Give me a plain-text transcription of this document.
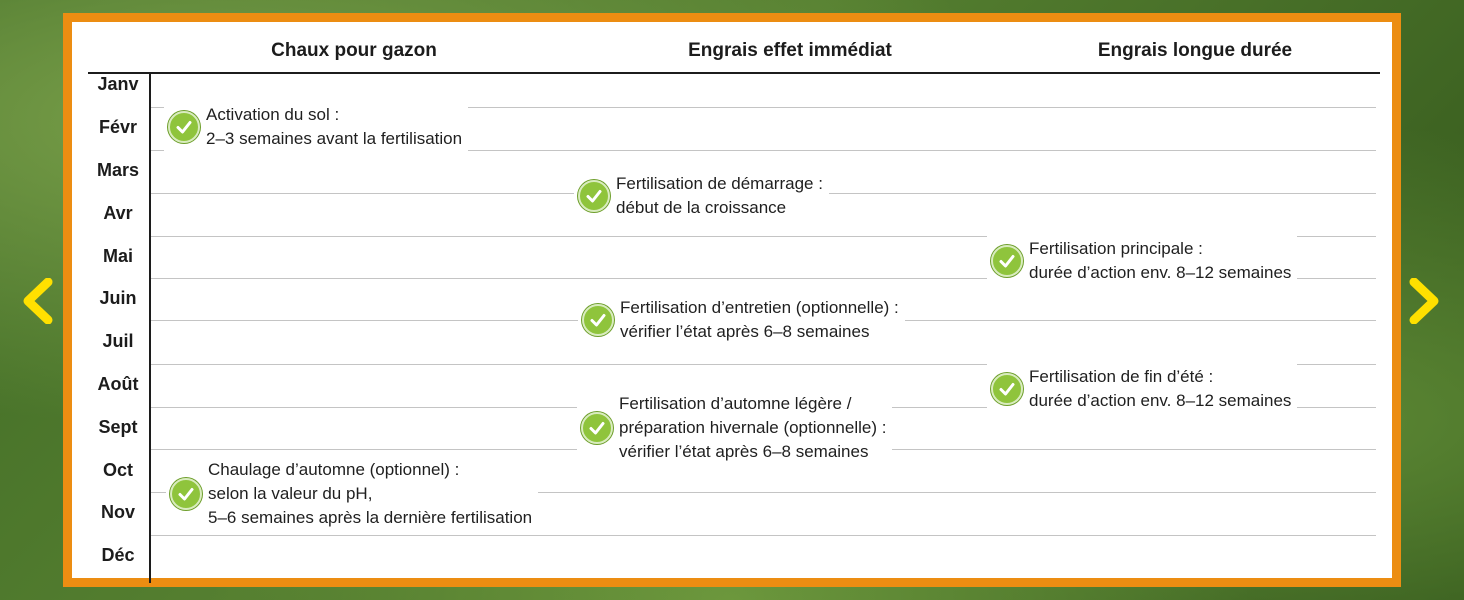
Chaux pour gazon	Engrais effet immédiat	Engrais longue durée
Janv
Févr
Mars
Avr
Mai
Juin
Juil
Août
Sept
Oct
Nov
Déc
Activation du sol :
2–3 semaines avant la fertilisation
Chaulage d’automne (optionnel) :
selon la valeur du pH,
5–6 semaines après la dernière fertilisation
Fertilisation de démarrage :
début de la croissance
Fertilisation d’entretien (optionnelle) :
vérifier l’état après 6–8 semaines
Fertilisation d’automne légère /
préparation hivernale (optionnelle) :
vérifier l’état après 6–8 semaines
Fertilisation principale :
durée d’action env. 8–12 semaines
Fertilisation de fin d’été :
durée d’action env. 8–12 semaines
